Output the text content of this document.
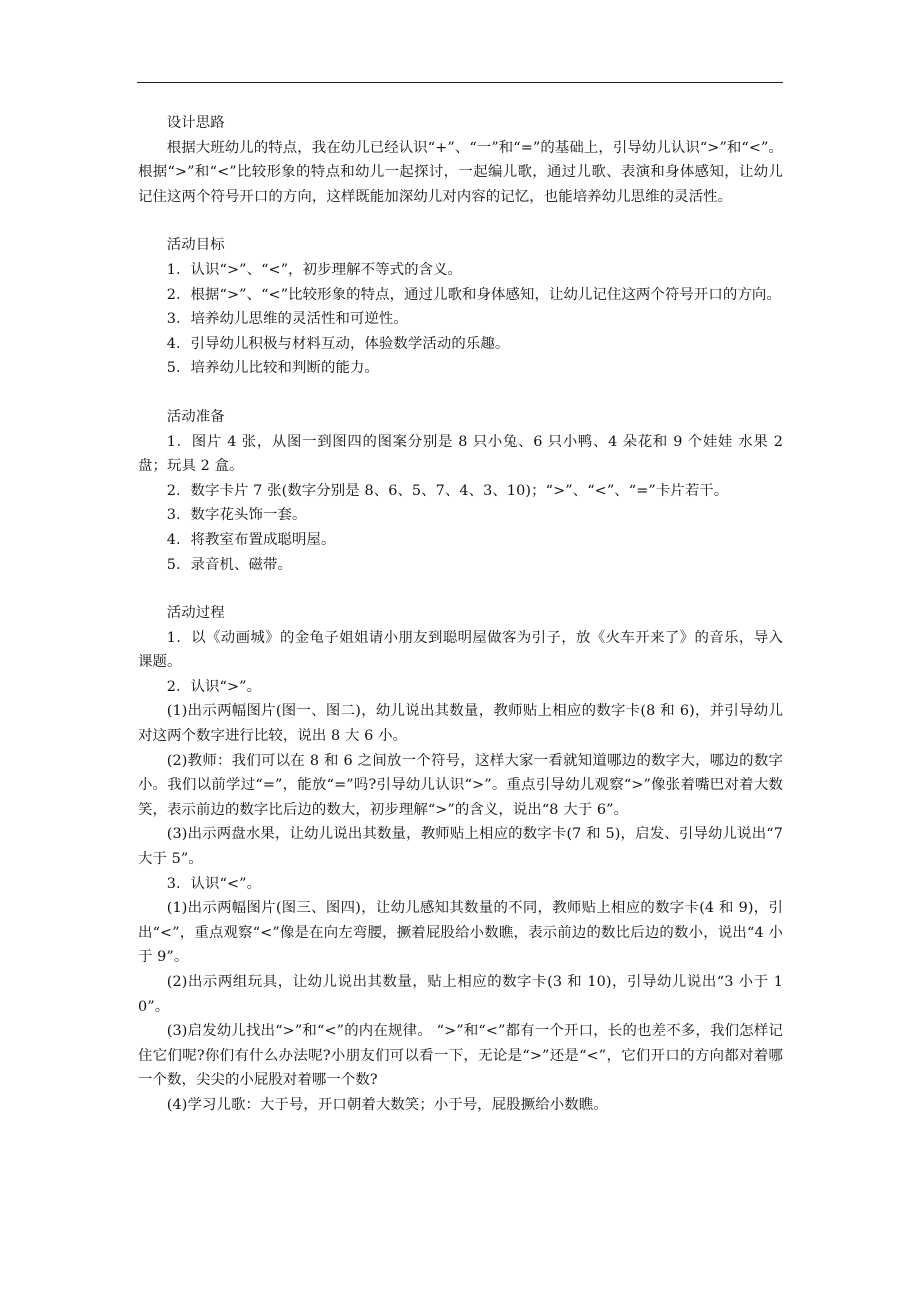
设计思路

根据大班幼儿的特点，我在幼儿已经认识“+”、“一”和“=”的基础上，引导幼儿认识“>”和“<”。根据“>”和“<”比较形象的特点和幼儿一起探讨，一起编儿歌，通过儿歌、表演和身体感知，让幼儿记住这两个符号开口的方向，这样既能加深幼儿对内容的记忆，也能培养幼儿思维的灵活性。

活动目标

1．认识“>”、“<”，初步理解不等式的含义。

2．根据“>”、“<”比较形象的特点，通过儿歌和身体感知，让幼儿记住这两个符号开口的方向。

3．培养幼儿思维的灵活性和可逆性。

4．引导幼儿积极与材料互动，体验数学活动的乐趣。

5．培养幼儿比较和判断的能力。

活动准备

1．图片 4 张，从图一到图四的图案分别是 8 只小兔、6 只小鸭、4 朵花和 9 个娃娃 水果 2 盘；玩具 2 盒。

2．数字卡片 7 张(数字分别是 8、6、5、7、4、3、10)；“>”、“<”、“=”卡片若干。

3．数字花头饰一套。

4．将教室布置成聪明屋。

5．录音机、磁带。

活动过程

1．以《动画城》的金龟子姐姐请小朋友到聪明屋做客为引子，放《火车开来了》的音乐，导入课题。

2．认识“>”。

(1)出示两幅图片(图一、图二)，幼儿说出其数量，教师贴上相应的数字卡(8 和 6)，并引导幼儿对这两个数字进行比较，说出 8 大 6 小。

(2)教师：我们可以在 8 和 6 之间放一个符号，这样大家一看就知道哪边的数字大，哪边的数字小。我们以前学过“=”，能放“=”吗?引导幼儿认识“>”。重点引导幼儿观察“>”像张着嘴巴对着大数笑，表示前边的数字比后边的数大，初步理解“>”的含义，说出“8 大于 6”。

(3)出示两盘水果，让幼儿说出其数量，教师贴上相应的数字卡(7 和 5)，启发、引导幼儿说出“7 大于 5”。

3．认识“<”。

(1)出示两幅图片(图三、图四)，让幼儿感知其数量的不同，教师贴上相应的数字卡(4 和 9)，引出“<”，重点观察“<”像是在向左弯腰，撅着屁股给小数瞧，表示前边的数比后边的数小，说出“4 小于 9”。

(2)出示两组玩具，让幼儿说出其数量，贴上相应的数字卡(3 和 10)，引导幼儿说出“3 小于 10”。

(3)启发幼儿找出“>”和“<”的内在规律。 “>”和“<”都有一个开口，长的也差不多，我们怎样记住它们呢?你们有什么办法呢?小朋友们可以看一下，无论是“>”还是“<”，它们开口的方向都对着哪一个数，尖尖的小屁股对着哪一个数?

(4)学习儿歌：大于号，开口朝着大数笑；小于号，屁股撅给小数瞧。
